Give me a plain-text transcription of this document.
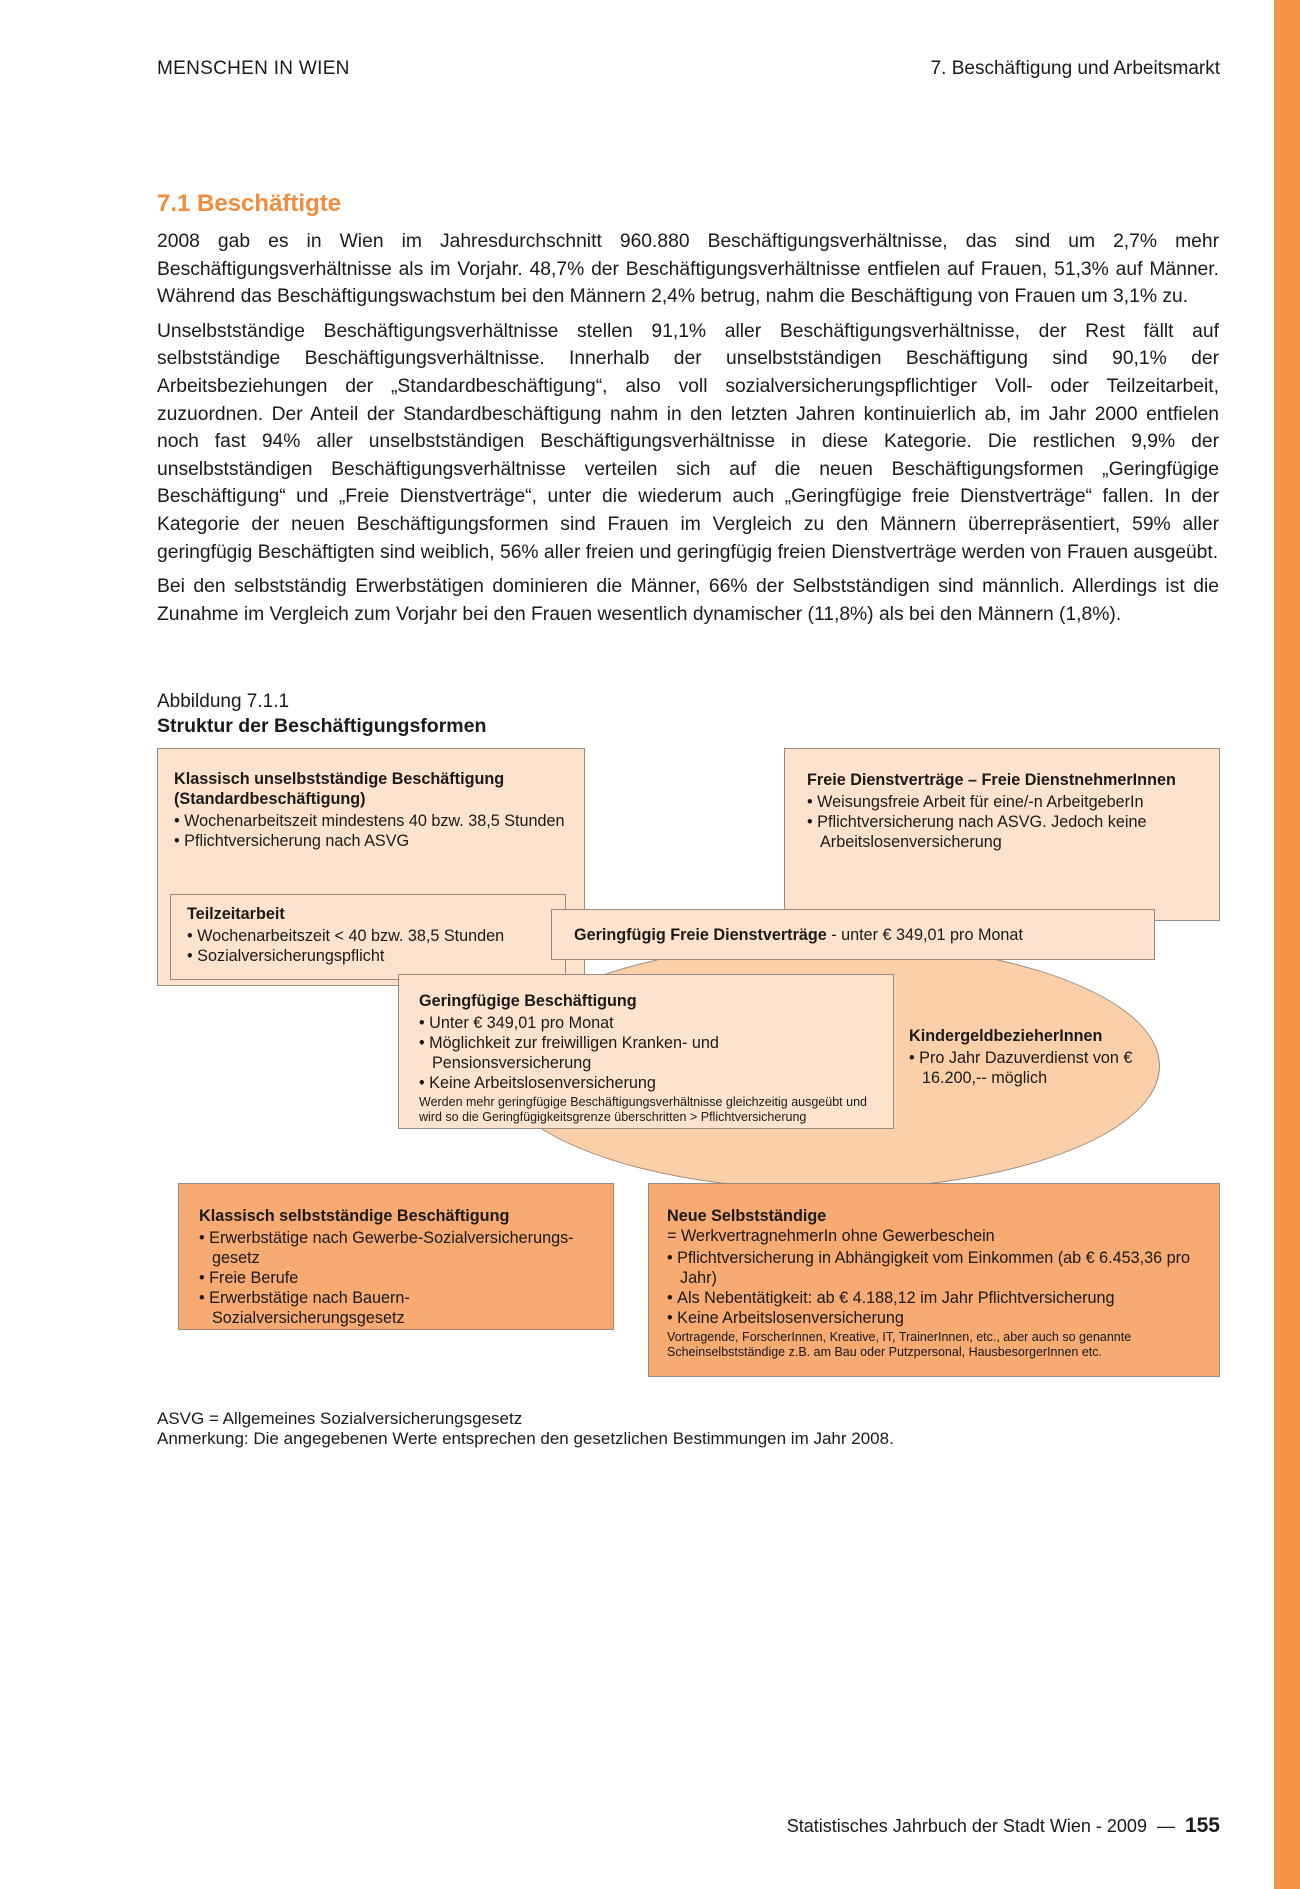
MENSCHEN IN WIEN	7. Beschäftigung und Arbeitsmarkt
7.1 Beschäftigte

2008 gab es in Wien im Jahresdurchschnitt 960.880 Beschäftigungsverhältnisse, das sind um 2,7% mehr Beschäftigungsverhältnisse als im Vorjahr. 48,7% der Beschäftigungsverhältnisse entfielen auf Frauen, 51,3% auf Männer. Während das Beschäftigungswachstum bei den Männern 2,4% betrug, nahm die Beschäftigung von Frauen um 3,1% zu.

Unselbstständige Beschäftigungsverhältnisse stellen 91,1% aller Beschäftigungsverhältnisse, der Rest fällt auf selbstständige Beschäftigungsverhältnisse. Innerhalb der unselbstständigen Beschäftigung sind 90,1% der Arbeitsbeziehungen der „Standardbeschäftigung“, also voll sozialversicherungspflichtiger Voll- oder Teilzeitarbeit, zuzuordnen. Der Anteil der Standardbeschäftigung nahm in den letzten Jahren kontinuierlich ab, im Jahr 2000 entfielen noch fast 94% aller unselbstständigen Beschäftigungsverhältnisse in diese Kategorie. Die restlichen 9,9% der unselbstständigen Beschäftigungsverhältnisse verteilen sich auf die neuen Beschäftigungsformen „Geringfügige Beschäftigung“ und „Freie Dienstverträge“, unter die wiederum auch „Geringfügige freie Dienstverträge“ fallen. In der Kategorie der neuen Beschäftigungsformen sind Frauen im Vergleich zu den Männern überrepräsentiert, 59% aller geringfügig Beschäftigten sind weiblich, 56% aller freien und geringfügig freien Dienstverträge werden von Frauen ausgeübt.

Bei den selbstständig Erwerbstätigen dominieren die Männer, 66% der Selbstständigen sind männlich. Allerdings ist die Zunahme im Vergleich zum Vorjahr bei den Frauen wesentlich dynamischer (11,8%) als bei den Männern (1,8%).

Abbildung 7.1.1
Struktur der Beschäftigungsformen
Klassisch unselbstständige Beschäftigung (Standardbeschäftigung)
• Wochenarbeitszeit mindestens 40 bzw. 38,5 Stunden
• Pflichtversicherung nach ASVG
Freie Dienstverträge – Freie DienstnehmerInnen
• Weisungsfreie Arbeit für eine/-n ArbeitgeberIn
• Pflichtversicherung nach ASVG. Jedoch keine Arbeitslosenversicherung
Teilzeitarbeit
• Wochenarbeitszeit < 40 bzw. 38,5 Stunden
• Sozialversicherungspflicht
Geringfügig Freie Dienstverträge - unter € 349,01 pro Monat
Geringfügige Beschäftigung
• Unter € 349,01 pro Monat
• Möglichkeit zur freiwilligen Kranken- und Pensionsversicherung
• Keine Arbeitslosenversicherung
Werden mehr geringfügige Beschäftigungsverhältnisse gleichzeitig ausgeübt und wird so die Geringfügigkeitsgrenze überschritten > Pflichtversicherung
KindergeldbezieherInnen
• Pro Jahr Dazuverdienst von € 16.200,-- möglich
Klassisch selbstständige Beschäftigung
• Erwerbstätige nach Gewerbe-Sozialversicherungs-gesetz
• Freie Berufe
• Erwerbstätige nach Bauern-Sozialversicherungsgesetz
Neue Selbstständige
= WerkvertragnehmerIn ohne Gewerbeschein
• Pflichtversicherung in Abhängigkeit vom Einkommen (ab € 6.453,36 pro Jahr)
• Als Nebentätigkeit: ab € 4.188,12 im Jahr Pflichtversicherung
• Keine Arbeitslosenversicherung
Vortragende, ForscherInnen, Kreative, IT, TrainerInnen, etc., aber auch so genannte Scheinselbstständige z.B. am Bau oder Putzpersonal, HausbesorgerInnen etc.
ASVG = Allgemeines Sozialversicherungsgesetz
Anmerkung: Die angegebenen Werte entsprechen den gesetzlichen Bestimmungen im Jahr 2008.
Statistisches Jahrbuch der Stadt Wien - 2009 — 155
